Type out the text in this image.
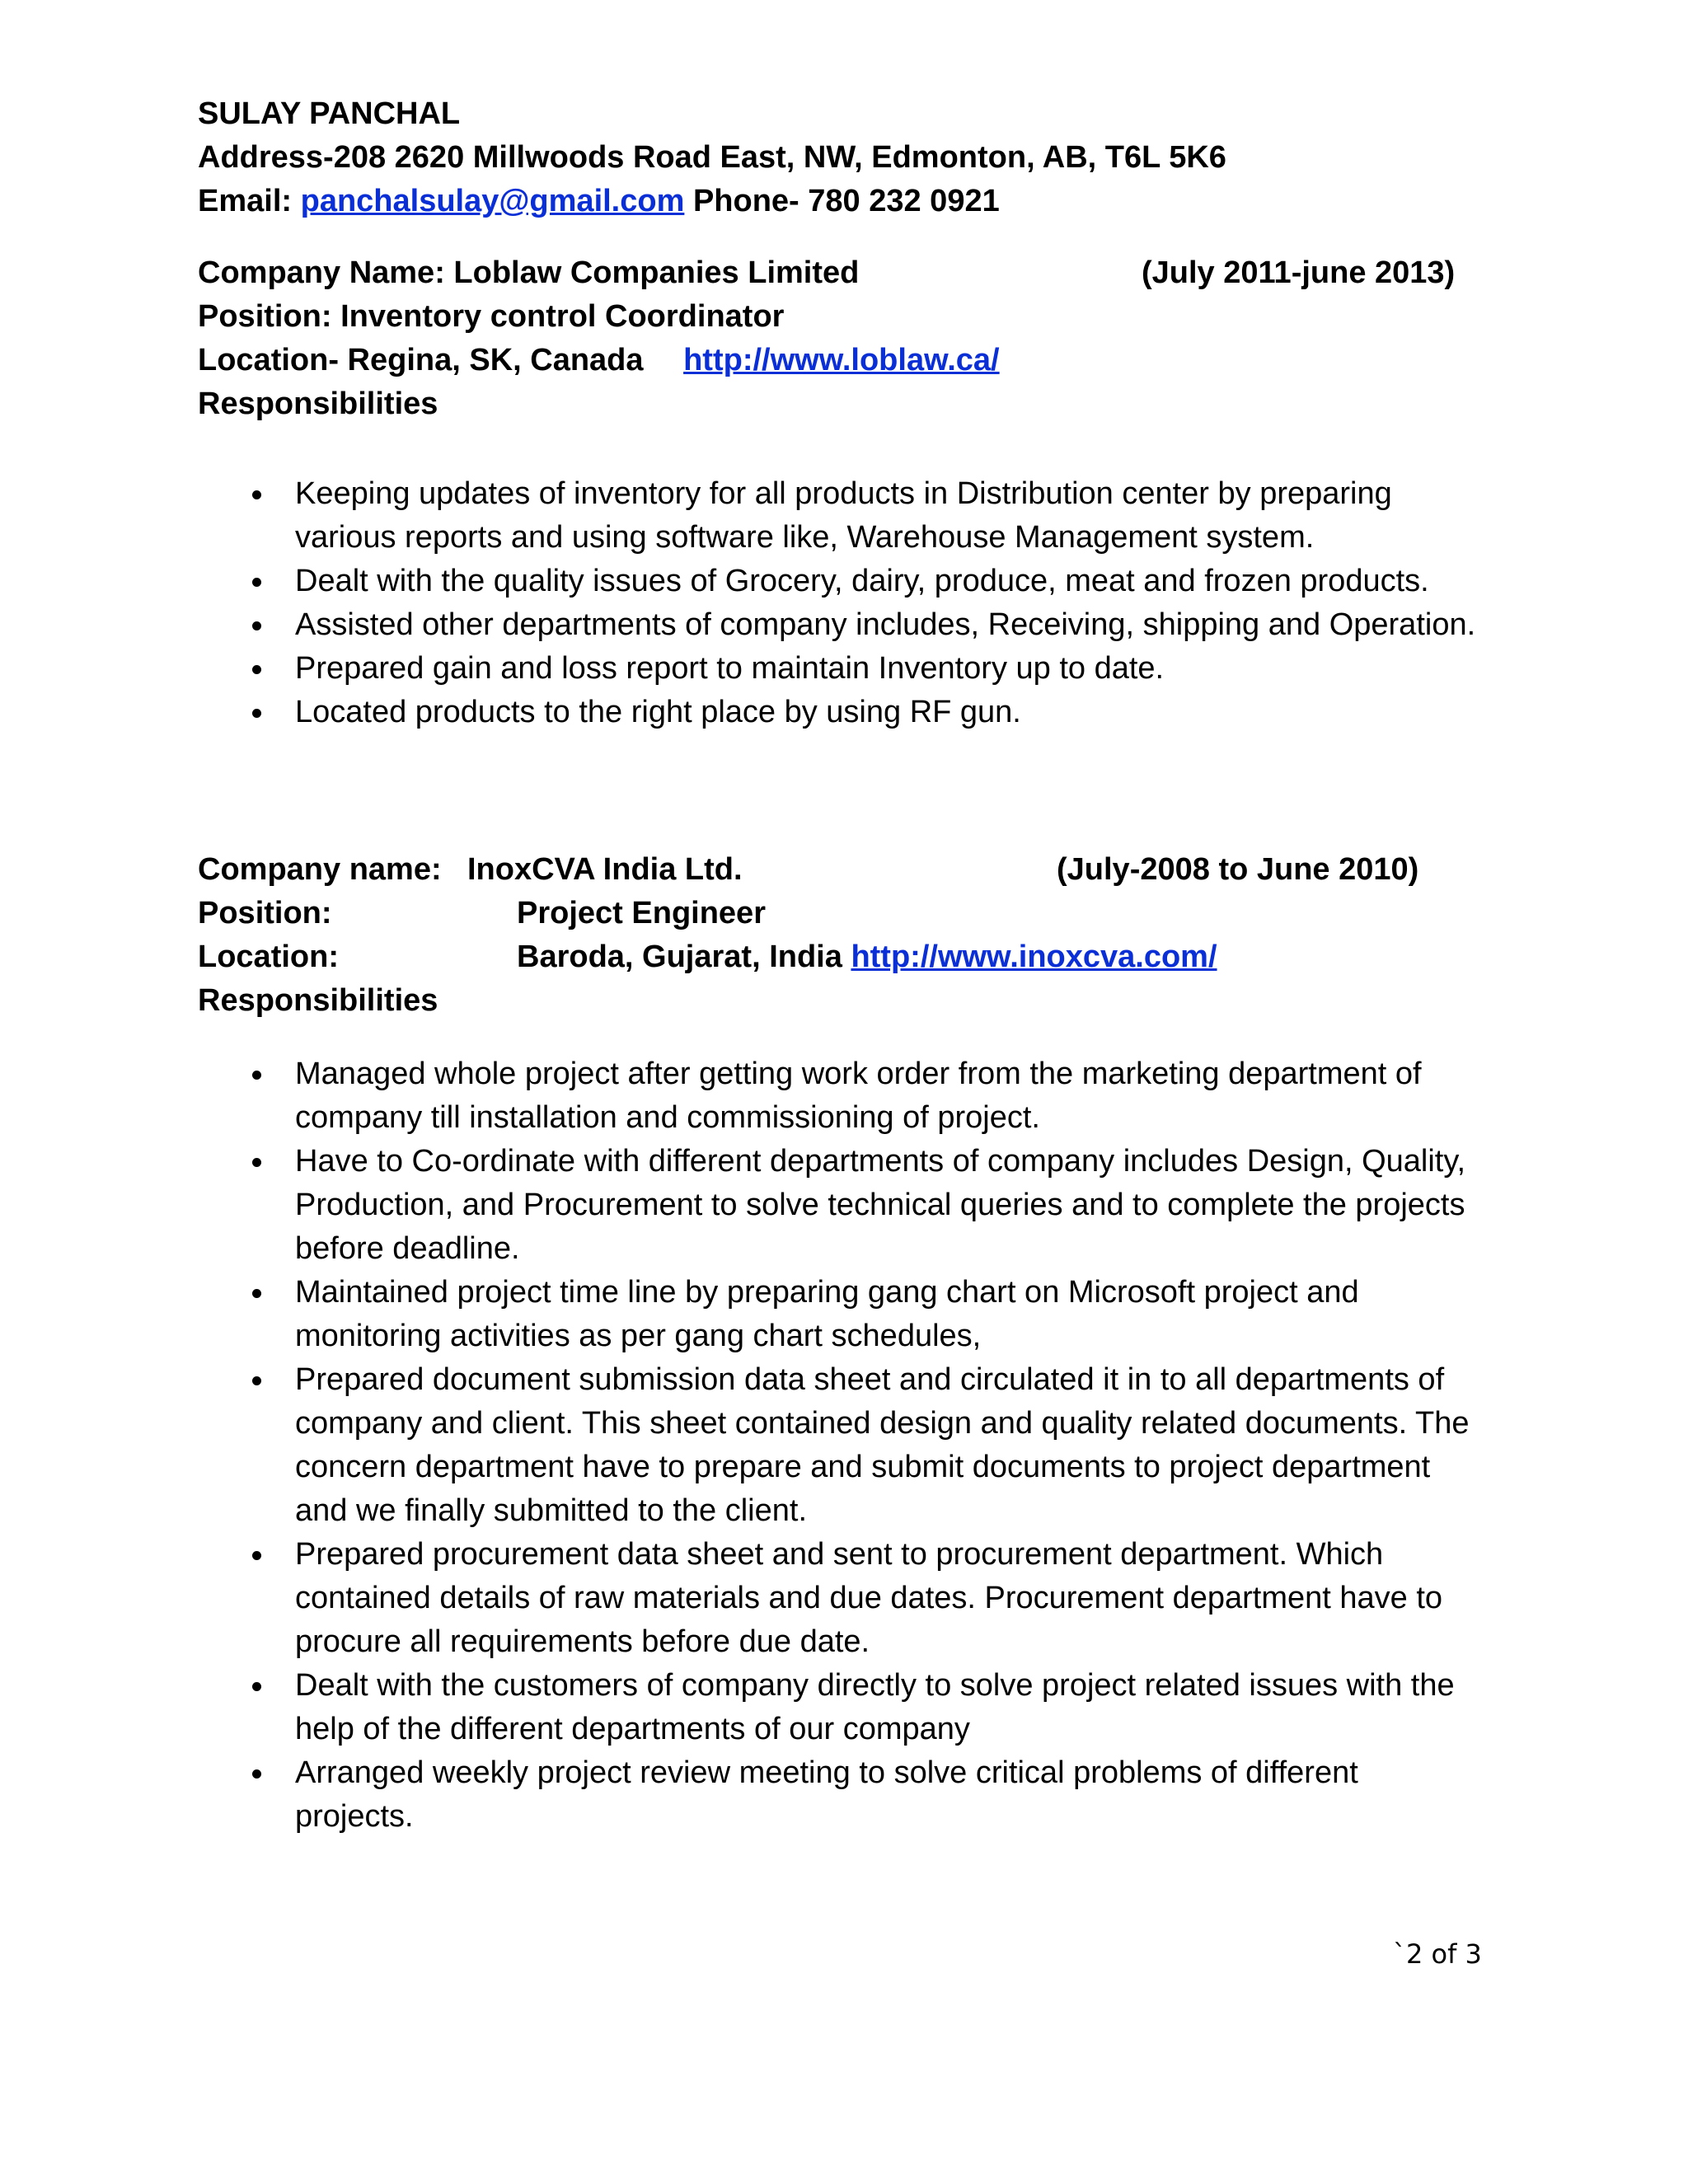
SULAY PANCHAL
Address-208 2620 Millwoods Road East, NW, Edmonton, AB, T6L 5K6
Email: panchalsulay@gmail.com Phone- 780 232 0921
Company Name: Loblaw Companies Limited	(July 2011-june 2013)
Position: Inventory control Coordinator
Location- Regina, SK, Canada http://www.loblaw.ca/
Responsibilities
Keeping updates of inventory for all products in Distribution center by preparing various reports and using software like, Warehouse Management system.
Dealt with the quality issues of Grocery, dairy, produce, meat and frozen products.
Assisted other departments of company includes, Receiving, shipping and Operation.
Prepared gain and loss report to maintain Inventory up to date.
Located products to the right place by using RF gun.
Company name: InoxCVA India Ltd.	(July-2008 to June 2010)
Position:	Project Engineer
Location:	Baroda, Gujarat, India http://www.inoxcva.com/
Responsibilities
Managed whole project after getting work order from the marketing department of company till installation and commissioning of project.
Have to Co-ordinate with different departments of company includes Design, Quality, Production, and Procurement to solve technical queries and to complete the projects before deadline.
Maintained project time line by preparing gang chart on Microsoft project and monitoring activities as per gang chart schedules,
Prepared document submission data sheet and circulated it in to all departments of company and client. This sheet contained design and quality related documents. The concern department have to prepare and submit documents to project department and we finally submitted to the client.
Prepared procurement data sheet and sent to procurement department. Which contained details of raw materials and due dates. Procurement department have to procure all requirements before due date.
Dealt with the customers of company directly to solve project related issues with the help of the different departments of our company
Arranged weekly project review meeting to solve critical problems of different projects.
`2 of 3
